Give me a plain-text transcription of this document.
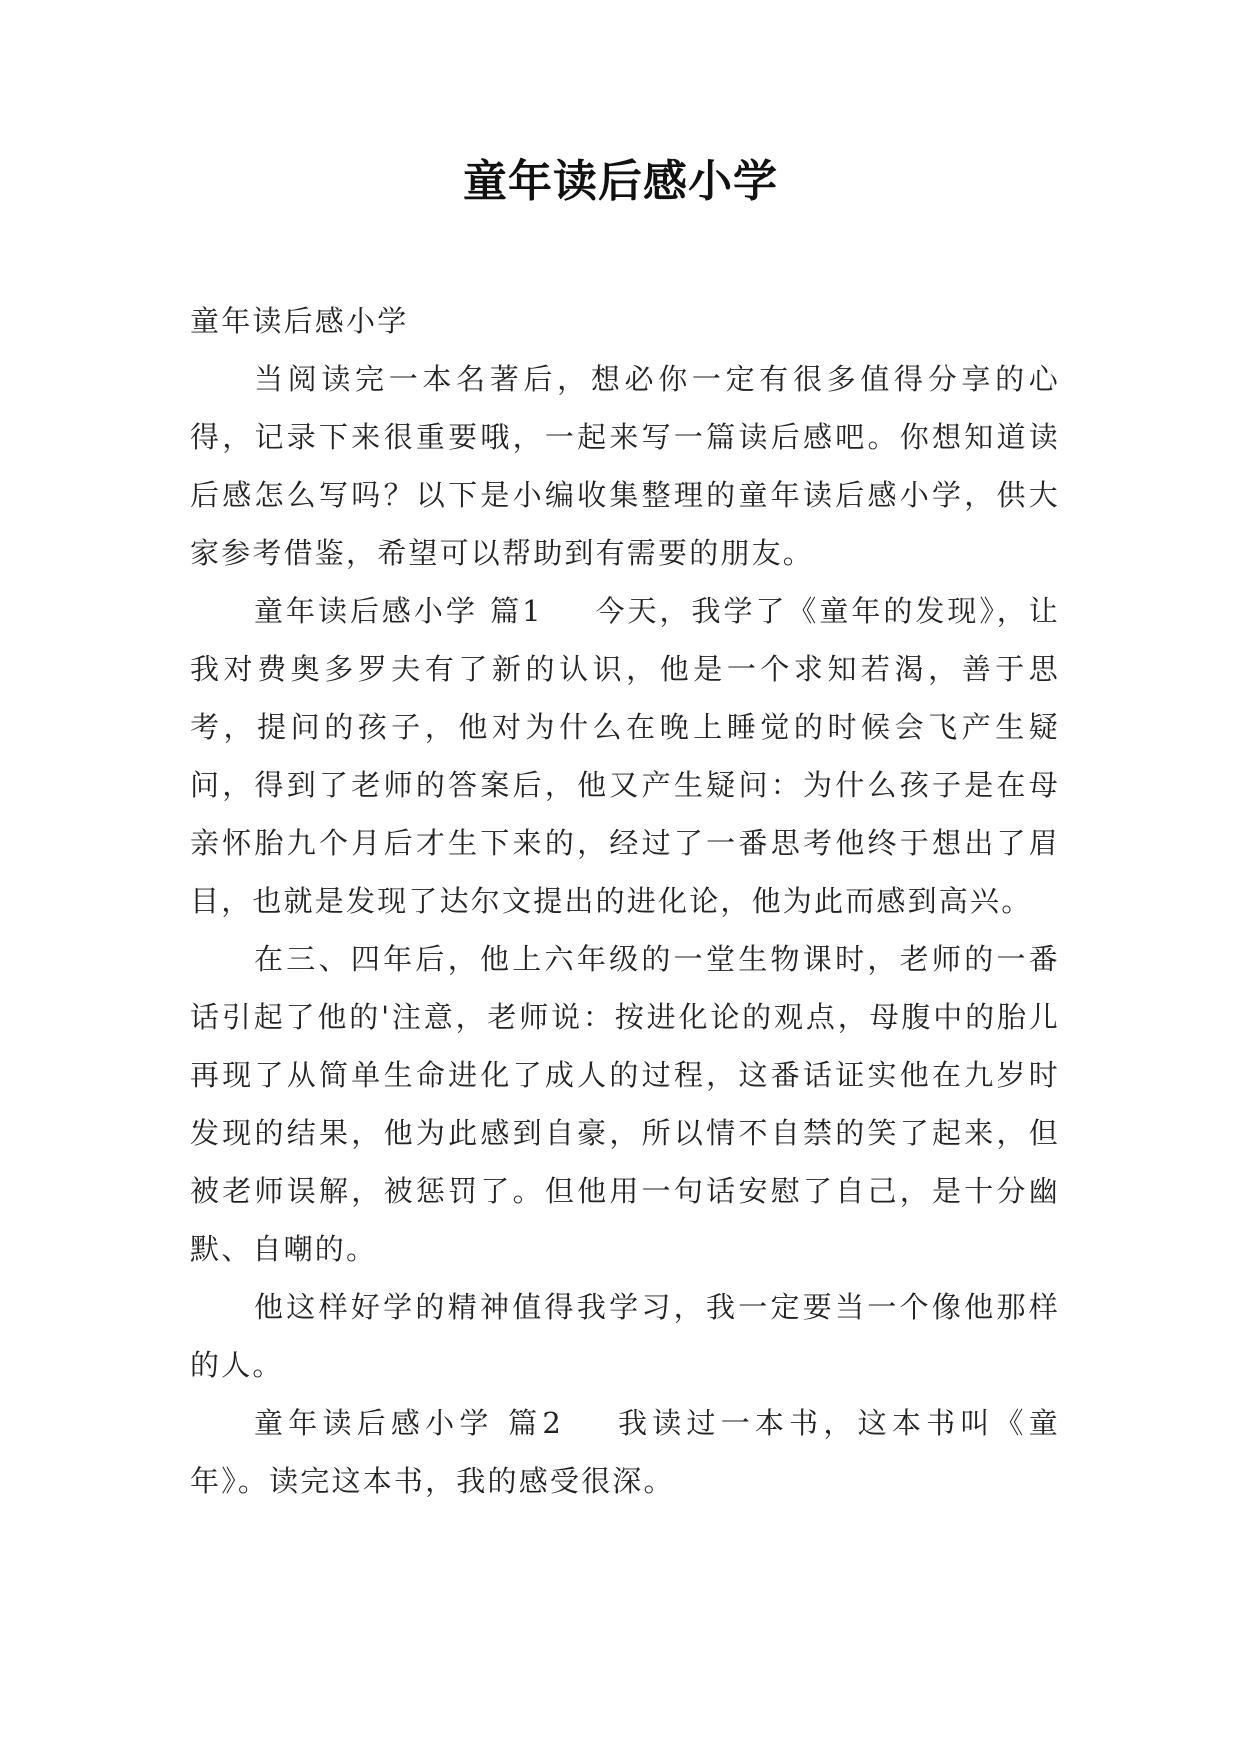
童年读后感小学

童年读后感小学

当阅读完一本名著后，想必你一定有很多值得分享的心得，记录下来很重要哦，一起来写一篇读后感吧。你想知道读后感怎么写吗？以下是小编收集整理的童年读后感小学，供大家参考借鉴，希望可以帮助到有需要的朋友。

童年读后感小学 篇1 今天，我学了《童年的发现》，让我对费奥多罗夫有了新的认识，他是一个求知若渴，善于思考，提问的孩子，他对为什么在晚上睡觉的时候会飞产生疑问，得到了老师的答案后，他又产生疑问：为什么孩子是在母亲怀胎九个月后才生下来的，经过了一番思考他终于想出了眉目，也就是发现了达尔文提出的进化论，他为此而感到高兴。

在三、四年后，他上六年级的一堂生物课时，老师的一番话引起了他的'注意，老师说：按进化论的观点，母腹中的胎儿再现了从简单生命进化了成人的过程，这番话证实他在九岁时发现的结果，他为此感到自豪，所以情不自禁的笑了起来，但被老师误解，被惩罚了。但他用一句话安慰了自己，是十分幽默、自嘲的。

他这样好学的精神值得我学习，我一定要当一个像他那样的人。

童年读后感小学 篇2 我读过一本书，这本书叫《童年》。读完这本书，我的感受很深。
